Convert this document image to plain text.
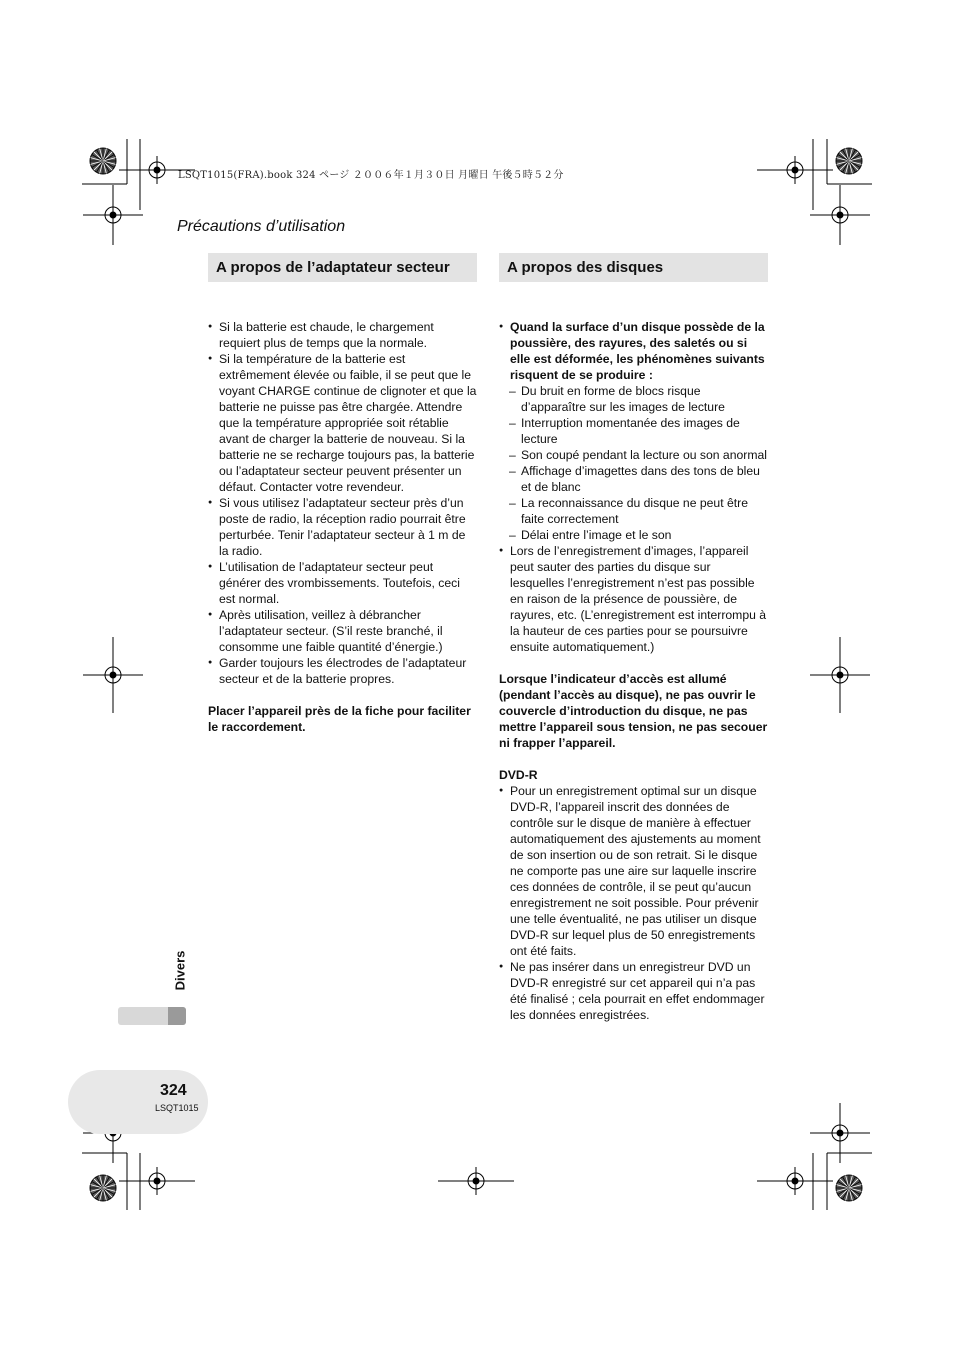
LSQT1015(FRA).book 324 ページ ２００６年１月３０日 月曜日 午後５時５２分
Précautions d’utilisation
A propos de l’adaptateur secteur
● Si la batterie est chaude, le chargement requiert plus de temps que la normale.
● Si la température de la batterie est extrêmement élevée ou faible, il se peut que le voyant CHARGE continue de clignoter et que la batterie ne puisse pas être chargée. Attendre que la température appropriée soit rétablie avant de charger la batterie de nouveau. Si la batterie ne se recharge toujours pas, la batterie ou l’adaptateur secteur peuvent présenter un défaut. Contacter votre revendeur.
● Si vous utilisez l’adaptateur secteur près d’un poste de radio, la réception radio pourrait être perturbée. Tenir l’adaptateur secteur à 1 m de la radio.
● L’utilisation de l’adaptateur secteur peut générer des vrombissements. Toutefois, ceci est normal.
● Après utilisation, veillez à débrancher l’adaptateur secteur. (S’il reste branché, il consomme une faible quantité d’énergie.)
● Garder toujours les électrodes de l’adaptateur secteur et de la batterie propres.
Placer l’appareil près de la fiche pour faciliter le raccordement.
A propos des disques
● Quand la surface d’un disque possède de la poussière, des rayures, des saletés ou si elle est déformée, les phénomènes suivants risquent de se produire :
– Du bruit en forme de blocs risque d’apparaître sur les images de lecture
– Interruption momentanée des images de lecture
– Son coupé pendant la lecture ou son anormal
– Affichage d’imagettes dans des tons de bleu et de blanc
– La reconnaissance du disque ne peut être faite correctement
– Délai entre l’image et le son
● Lors de l’enregistrement d’images, l’appareil peut sauter des parties du disque sur lesquelles l’enregistrement n’est pas possible en raison de la présence de poussière, de rayures, etc. (L’enregistrement est interrompu à la hauteur de ces parties pour se poursuivre ensuite automatiquement.)
Lorsque l’indicateur d’accès est allumé (pendant l’accès au disque), ne pas ouvrir le couvercle d’introduction du disque, ne pas mettre l’appareil sous tension, ne pas secouer ni frapper l’appareil.
DVD-R
● Pour un enregistrement optimal sur un disque DVD-R, l’appareil inscrit des données de contrôle sur le disque de manière à effectuer automatiquement des ajustements au moment de son insertion ou de son retrait. Si le disque ne comporte pas une aire sur laquelle inscrire ces données de contrôle, il se peut qu’aucun enregistrement ne soit possible. Pour prévenir une telle éventualité, ne pas utiliser un disque DVD-R sur lequel plus de 50 enregistrements ont été faits.
● Ne pas insérer dans un enregistreur DVD un DVD-R enregistré sur cet appareil qui n’a pas été finalisé ; cela pourrait en effet endommager les données enregistrées.
Divers
324
LSQT1015
